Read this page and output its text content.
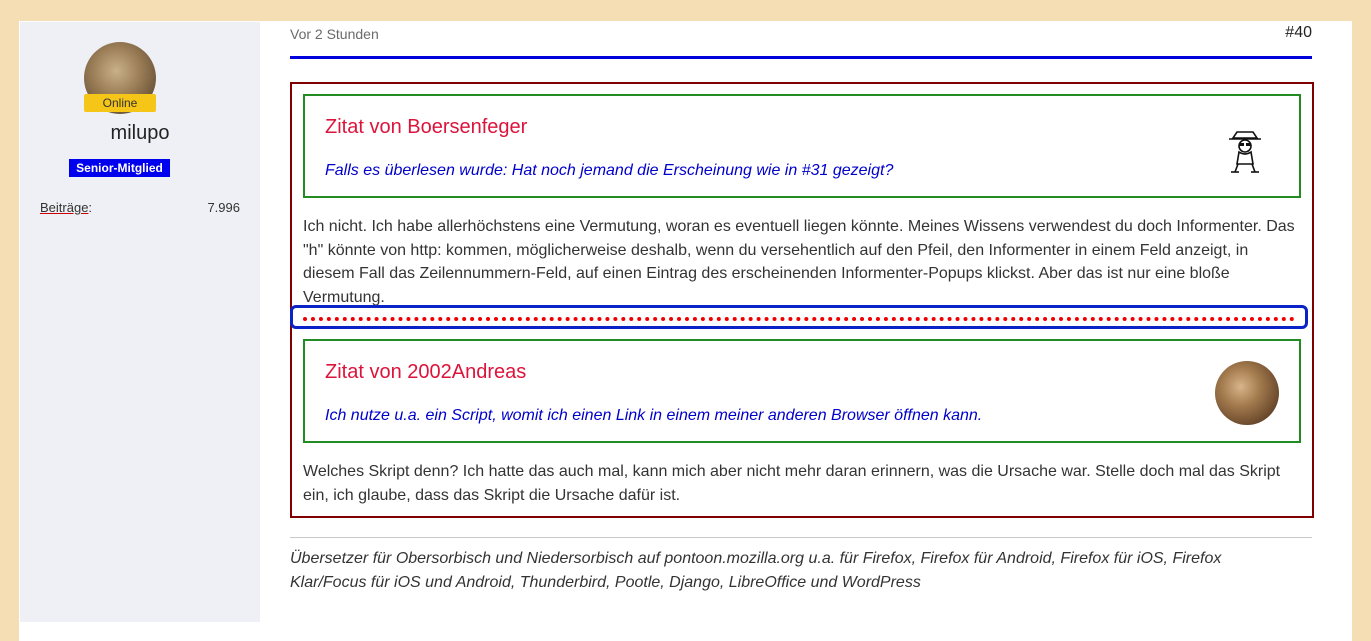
Online
milupo
Senior-Mitglied
Beiträge:	7.996
Vor 2 Stunden	#40
Zitat von Boersenfeger
Falls es überlesen wurde: Hat noch jemand die Erscheinung wie in #31 gezeigt?
Ich nicht. Ich habe allerhöchstens eine Vermutung, woran es eventuell liegen könnte. Meines Wissens verwendest du doch Informenter. Das "h" könnte von http: kommen, möglicherweise deshalb, wenn du versehentlich auf den Pfeil, den Informenter in einem Feld anzeigt, in diesem Fall das Zeilennummern-Feld, auf einen Eintrag des erscheinenden Informenter-Popups klickst. Aber das ist nur eine bloße Vermutung.
Zitat von 2002Andreas
Ich nutze u.a. ein Script, womit ich einen Link in einem meiner anderen Browser öffnen kann.
Welches Skript denn? Ich hatte das auch mal, kann mich aber nicht mehr daran erinnern, was die Ursache war. Stelle doch mal das Skript ein, ich glaube, dass das Skript die Ursache dafür ist.
Übersetzer für Obersorbisch und Niedersorbisch auf pontoon.mozilla.org u.a. für Firefox, Firefox für Android, Firefox für iOS, Firefox Klar/Focus für iOS und Android, Thunderbird, Pootle, Django, LibreOffice und WordPress
